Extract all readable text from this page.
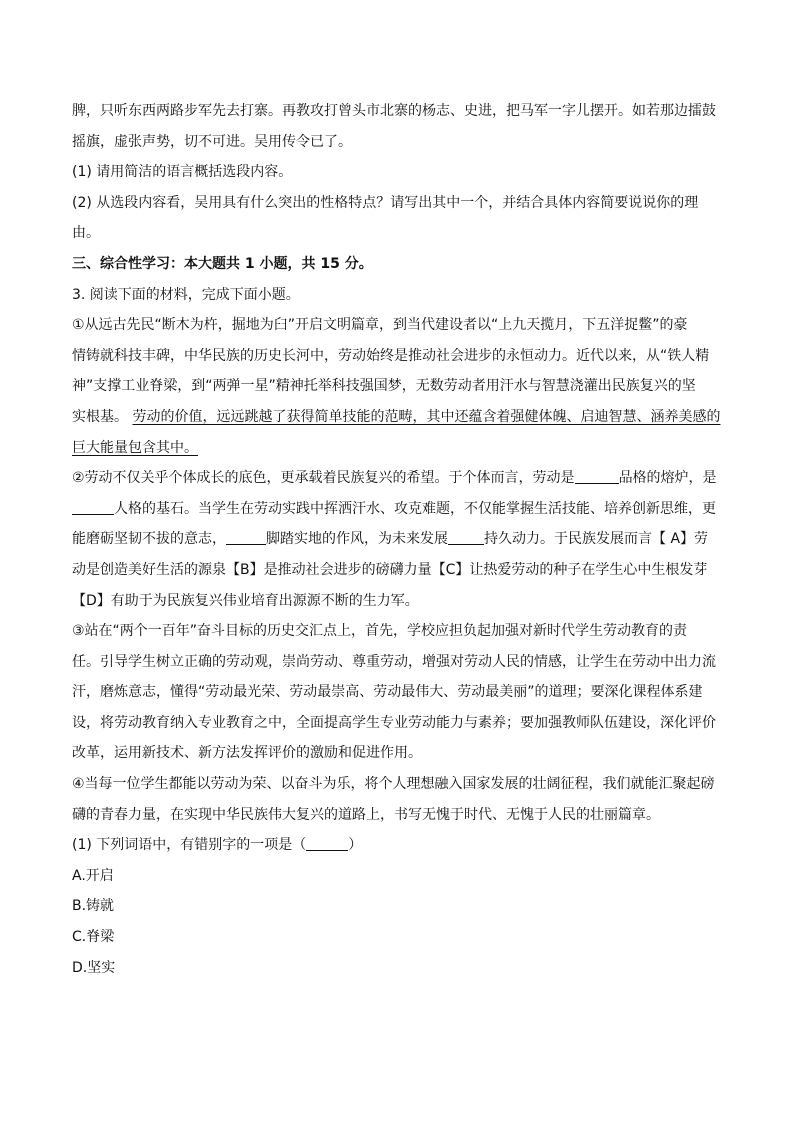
脾，只听东西两路步军先去打寨。再教攻打曾头市北寨的杨志、史进，把马军一字儿摆开。如若那边擂鼓
摇旗，虚张声势，切不可进。吴用传令已了。
(1) 请用简洁的语言概括选段内容。
(2) 从选段内容看，吴用具有什么突出的性格特点？请写出其中一个，并结合具体内容简要说说你的理
由。
三、综合性学习：本大题共 1 小题，共 15 分。
3. 阅读下面的材料，完成下面小题。
①从远古先民“断木为杵，掘地为臼”开启文明篇章，到当代建设者以“上九天揽月，下五洋捉鳖”的豪
情铸就科技丰碑，中华民族的历史长河中，劳动始终是推动社会进步的永恒动力。近代以来，从“铁人精
神”支撑工业脊梁，到“两弹一星”精神托举科技强国梦，无数劳动者用汗水与智慧浇灌出民族复兴的坚
实根基。 劳动的价值，远远跳越了获得简单技能的范畴，其中还蕴含着强健体魄、启迪智慧、涵养美感的
巨大能量包含其中。
②劳动不仅关乎个体成长的底色，更承载着民族复兴的希望。于个体而言，劳动是	品格的熔炉，是
人格的基石。当学生在劳动实践中挥洒汗水、攻克难题，不仅能掌握生活技能、培养创新思维，更
能磨砺坚韧不拔的意志，	脚踏实地的作风，为未来发展	持久动力。于民族发展而言【 A】劳
动是创造美好生活的源泉【B】是推动社会进步的磅礴力量【C】让热爱劳动的种子在学生心中生根发芽
【D】有助于为民族复兴伟业培育出源源不断的生力军。
③站在“两个一百年”奋斗目标的历史交汇点上，首先，学校应担负起加强对新时代学生劳动教育的责
任。引导学生树立正确的劳动观，崇尚劳动、尊重劳动，增强对劳动人民的情感，让学生在劳动中出力流
汗，磨炼意志，懂得“劳动最光荣、劳动最崇高、劳动最伟大、劳动最美丽”的道理；要深化课程体系建
设，将劳动教育纳入专业教育之中，全面提高学生专业劳动能力与素养；要加强教师队伍建设，深化评价
改革，运用新技术、新方法发挥评价的激励和促进作用。
④当每一位学生都能以劳动为荣、以奋斗为乐，将个人理想融入国家发展的壮阔征程，我们就能汇聚起磅
礴的青春力量，在实现中华民族伟大复兴的道路上，书写无愧于时代、无愧于人民的壮丽篇章。
(1) 下列词语中，有错别字的一项是（	）
A.开启
B.铸就
C.脊梁
D.坚实
